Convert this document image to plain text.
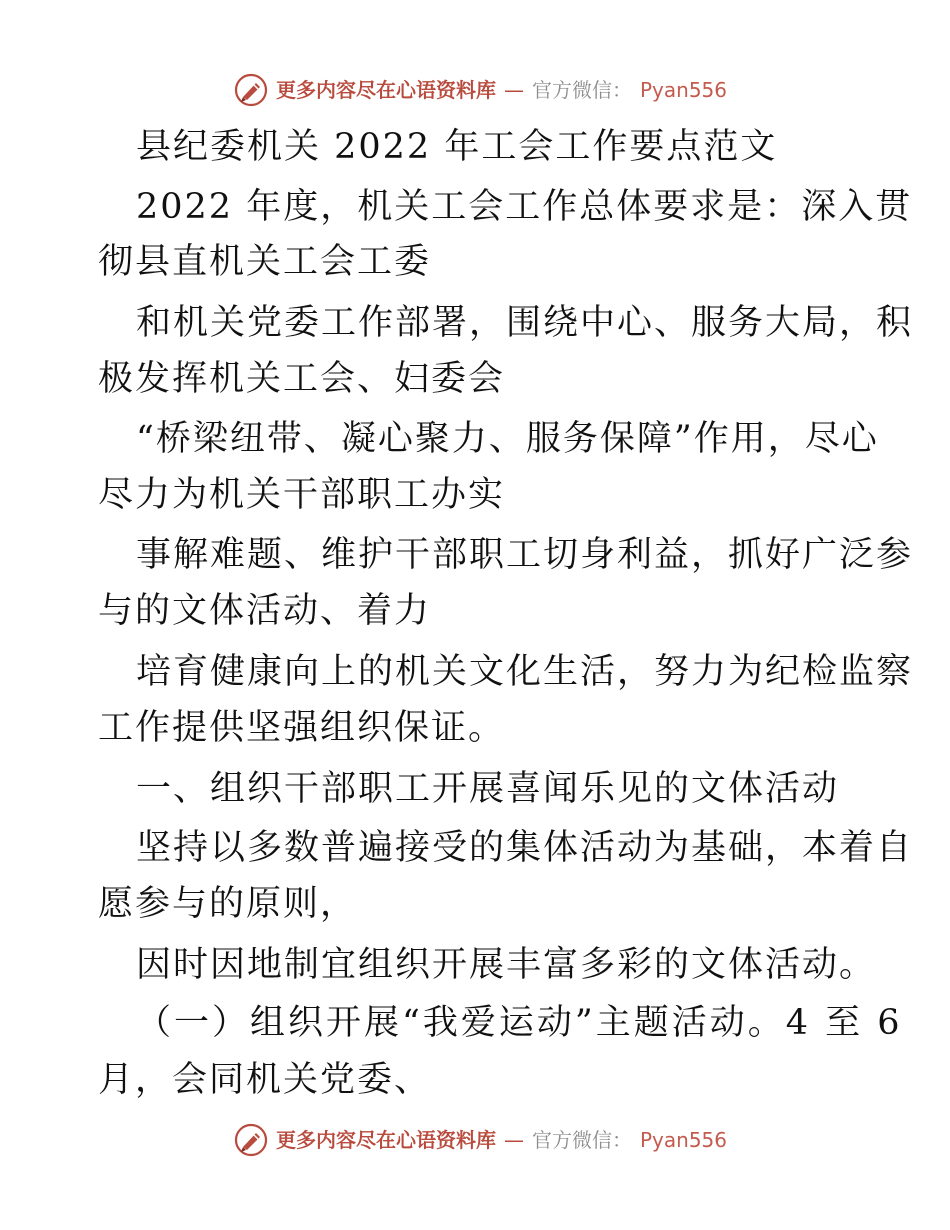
更多内容尽在心语资料库 — 官方微信： Pyan556
县纪委机关 2022 年工会工作要点范文
2022 年度，机关工会工作总体要求是：深入贯
彻县直机关工会工委
和机关党委工作部署，围绕中心、服务大局，积
极发挥机关工会、妇委会
“桥梁纽带、凝心聚力、服务保障”作用，尽心
尽力为机关干部职工办实
事解难题、维护干部职工切身利益，抓好广泛参
与的文体活动、着力
培育健康向上的机关文化生活，努力为纪检监察
工作提供坚强组织保证。
一、组织干部职工开展喜闻乐见的文体活动
坚持以多数普遍接受的集体活动为基础，本着自
愿参与的原则，
因时因地制宜组织开展丰富多彩的文体活动。
（一）组织开展“我爱运动”主题活动。4 至 6
月，会同机关党委、
更多内容尽在心语资料库 — 官方微信： Pyan556
